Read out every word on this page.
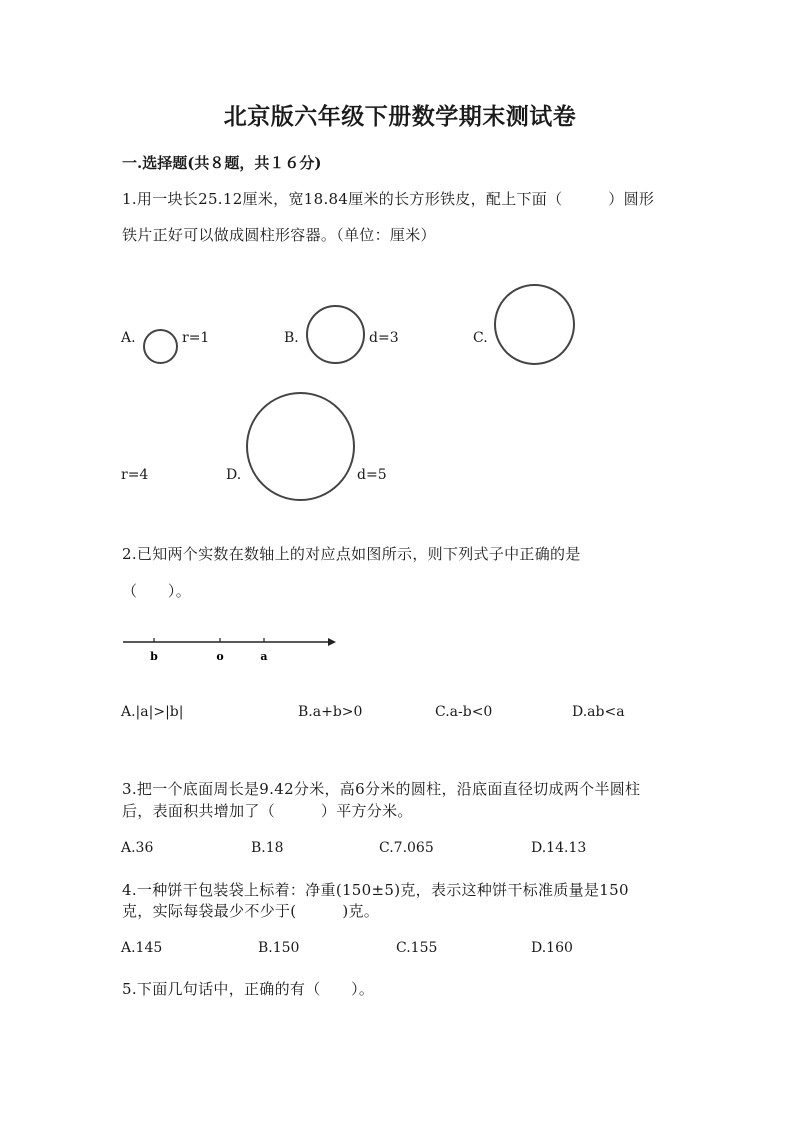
北京版六年级下册数学期末测试卷
一.选择题(共８题，共１６分)
1.用一块长25.12厘米，宽18.84厘米的长方形铁皮，配上下面（　　　）圆形
铁片正好可以做成圆柱形容器。（单位：厘米）
A.	r=1	B.	d=3	C.
r=4	D.	d=5
2.已知两个实数在数轴上的对应点如图所示，则下列式子中正确的是
（　　）。
b	o	a
A.|a|>|b|	B.a+b>0	C.a-b<0	D.ab<a
3.把一个底面周长是9.42分米，高6分米的圆柱，沿底面直径切成两个半圆柱
后，表面积共增加了（　　　）平方分米。
A.36	B.18	C.7.065	D.14.13
4.一种饼干包装袋上标着：净重(150±5)克，表示这种饼干标准质量是150
克，实际每袋最少不少于(　　　)克。
A.145	B.150	C.155	D.160
5.下面几句话中，正确的有（　　）。
